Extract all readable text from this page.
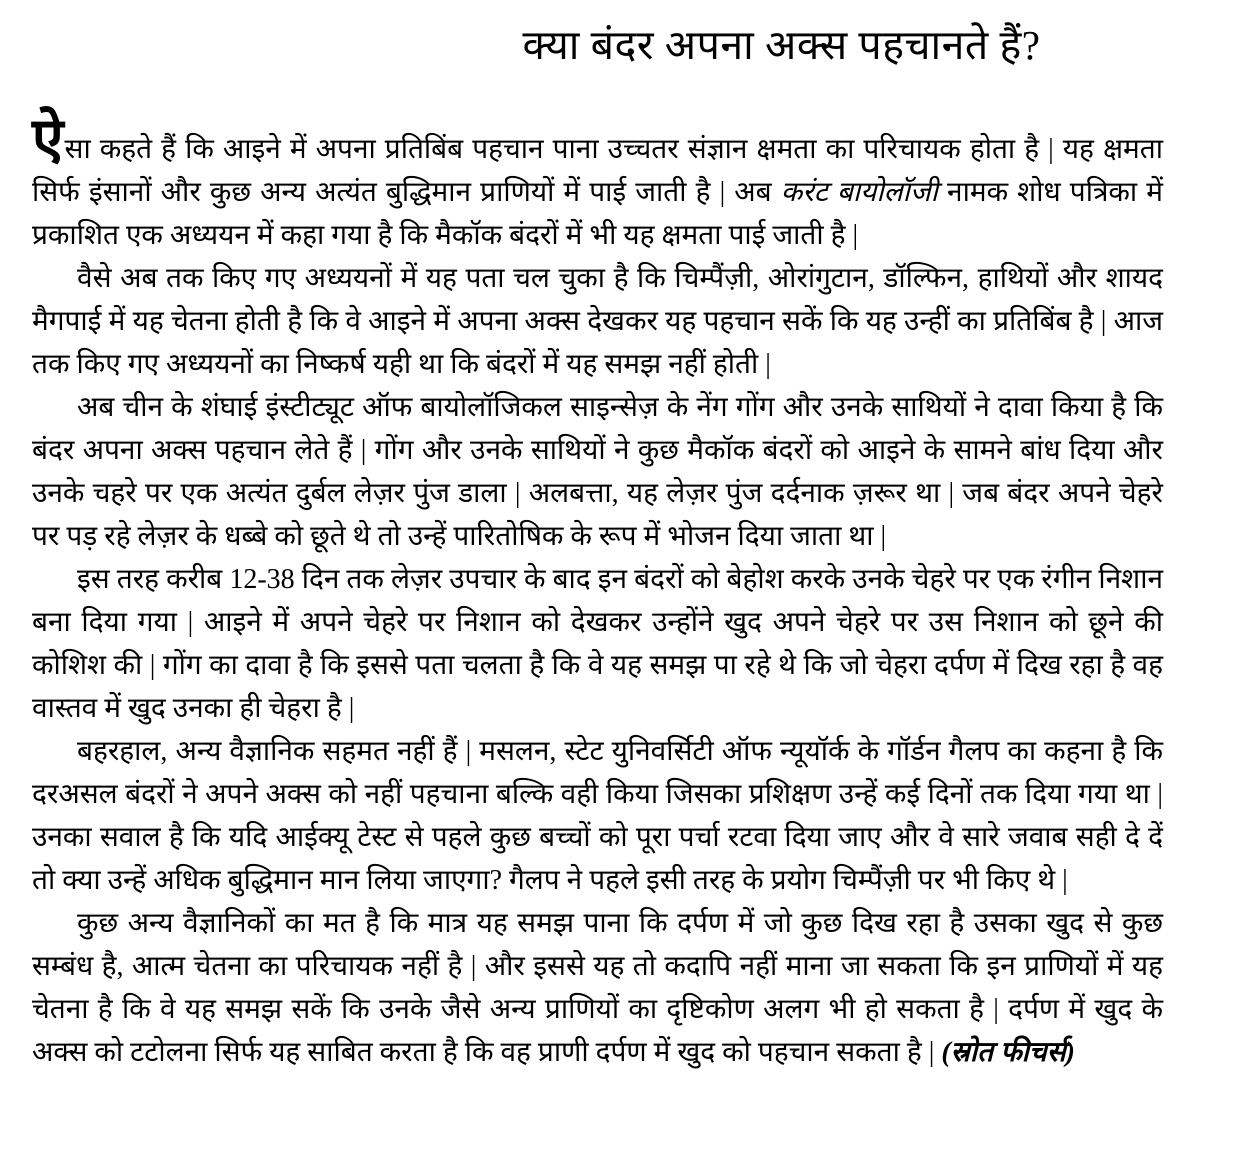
क्या बंदर अपना अक्स पहचानते हैं?

ऐसा कहते हैं कि आइने में अपना प्रतिबिंब पहचान पाना उच्चतर संज्ञान क्षमता का परिचायक होता है | यह क्षमता सिर्फ इंसानों और कुछ अन्य अत्यंत बुद्धिमान प्राणियों में पाई जाती है | अब करंट बायोलॉजी नामक शोध पत्रिका में प्रकाशित एक अध्ययन में कहा गया है कि मैकॉक बंदरों में भी यह क्षमता पाई जाती है |

वैसे अब तक किए गए अध्ययनों में यह पता चल चुका है कि चिम्पैंज़ी, ओरांगुटान, डॉल्फिन, हाथियों और शायद मैगपाई में यह चेतना होती है कि वे आइने में अपना अक्स देखकर यह पहचान सकें कि यह उन्हीं का प्रतिबिंब है | आज तक किए गए अध्ययनों का निष्कर्ष यही था कि बंदरों में यह समझ नहीं होती |

अब चीन के शंघाई इंस्टीट्यूट ऑफ बायोलॉजिकल साइन्सेज़ के नेंग गोंग और उनके साथियों ने दावा किया है कि बंदर अपना अक्स पहचान लेते हैं | गोंग और उनके साथियों ने कुछ मैकॉक बंदरों को आइने के सामने बांध दिया और उनके चहरे पर एक अत्यंत दुर्बल लेज़र पुंज डाला | अलबत्ता, यह लेज़र पुंज दर्दनाक ज़रूर था | जब बंदर अपने चेहरे पर पड़ रहे लेज़र के धब्बे को छूते थे तो उन्हें पारितोषिक के रूप में भोजन दिया जाता था |

इस तरह करीब 12-38 दिन तक लेज़र उपचार के बाद इन बंदरों को बेहोश करके उनके चेहरे पर एक रंगीन निशान बना दिया गया | आइने में अपने चेहरे पर निशान को देखकर उन्होंने खुद अपने चेहरे पर उस निशान को छूने की कोशिश की | गोंग का दावा है कि इससे पता चलता है कि वे यह समझ पा रहे थे कि जो चेहरा दर्पण में दिख रहा है वह वास्तव में खुद उनका ही चेहरा है |

बहरहाल, अन्य वैज्ञानिक सहमत नहीं हैं | मसलन, स्टेट युनिवर्सिटी ऑफ न्यूयॉर्क के गॉर्डन गैलप का कहना है कि दरअसल बंदरों ने अपने अक्स को नहीं पहचाना बल्कि वही किया जिसका प्रशिक्षण उन्हें कई दिनों तक दिया गया था | उनका सवाल है कि यदि आईक्यू टेस्ट से पहले कुछ बच्चों को पूरा पर्चा रटवा दिया जाए और वे सारे जवाब सही दे दें तो क्या उन्हें अधिक बुद्धिमान मान लिया जाएगा? गैलप ने पहले इसी तरह के प्रयोग चिम्पैंज़ी पर भी किए थे |

कुछ अन्य वैज्ञानिकों का मत है कि मात्र यह समझ पाना कि दर्पण में जो कुछ दिख रहा है उसका खुद से कुछ सम्बंध है, आत्म चेतना का परिचायक नहीं है | और इससे यह तो कदापि नहीं माना जा सकता कि इन प्राणियों में यह चेतना है कि वे यह समझ सकें कि उनके जैसे अन्य प्राणियों का दृष्टिकोण अलग भी हो सकता है | दर्पण में खुद के अक्स को टटोलना सिर्फ यह साबित करता है कि वह प्राणी दर्पण में खुद को पहचान सकता है | (स्रोत फीचर्स)
